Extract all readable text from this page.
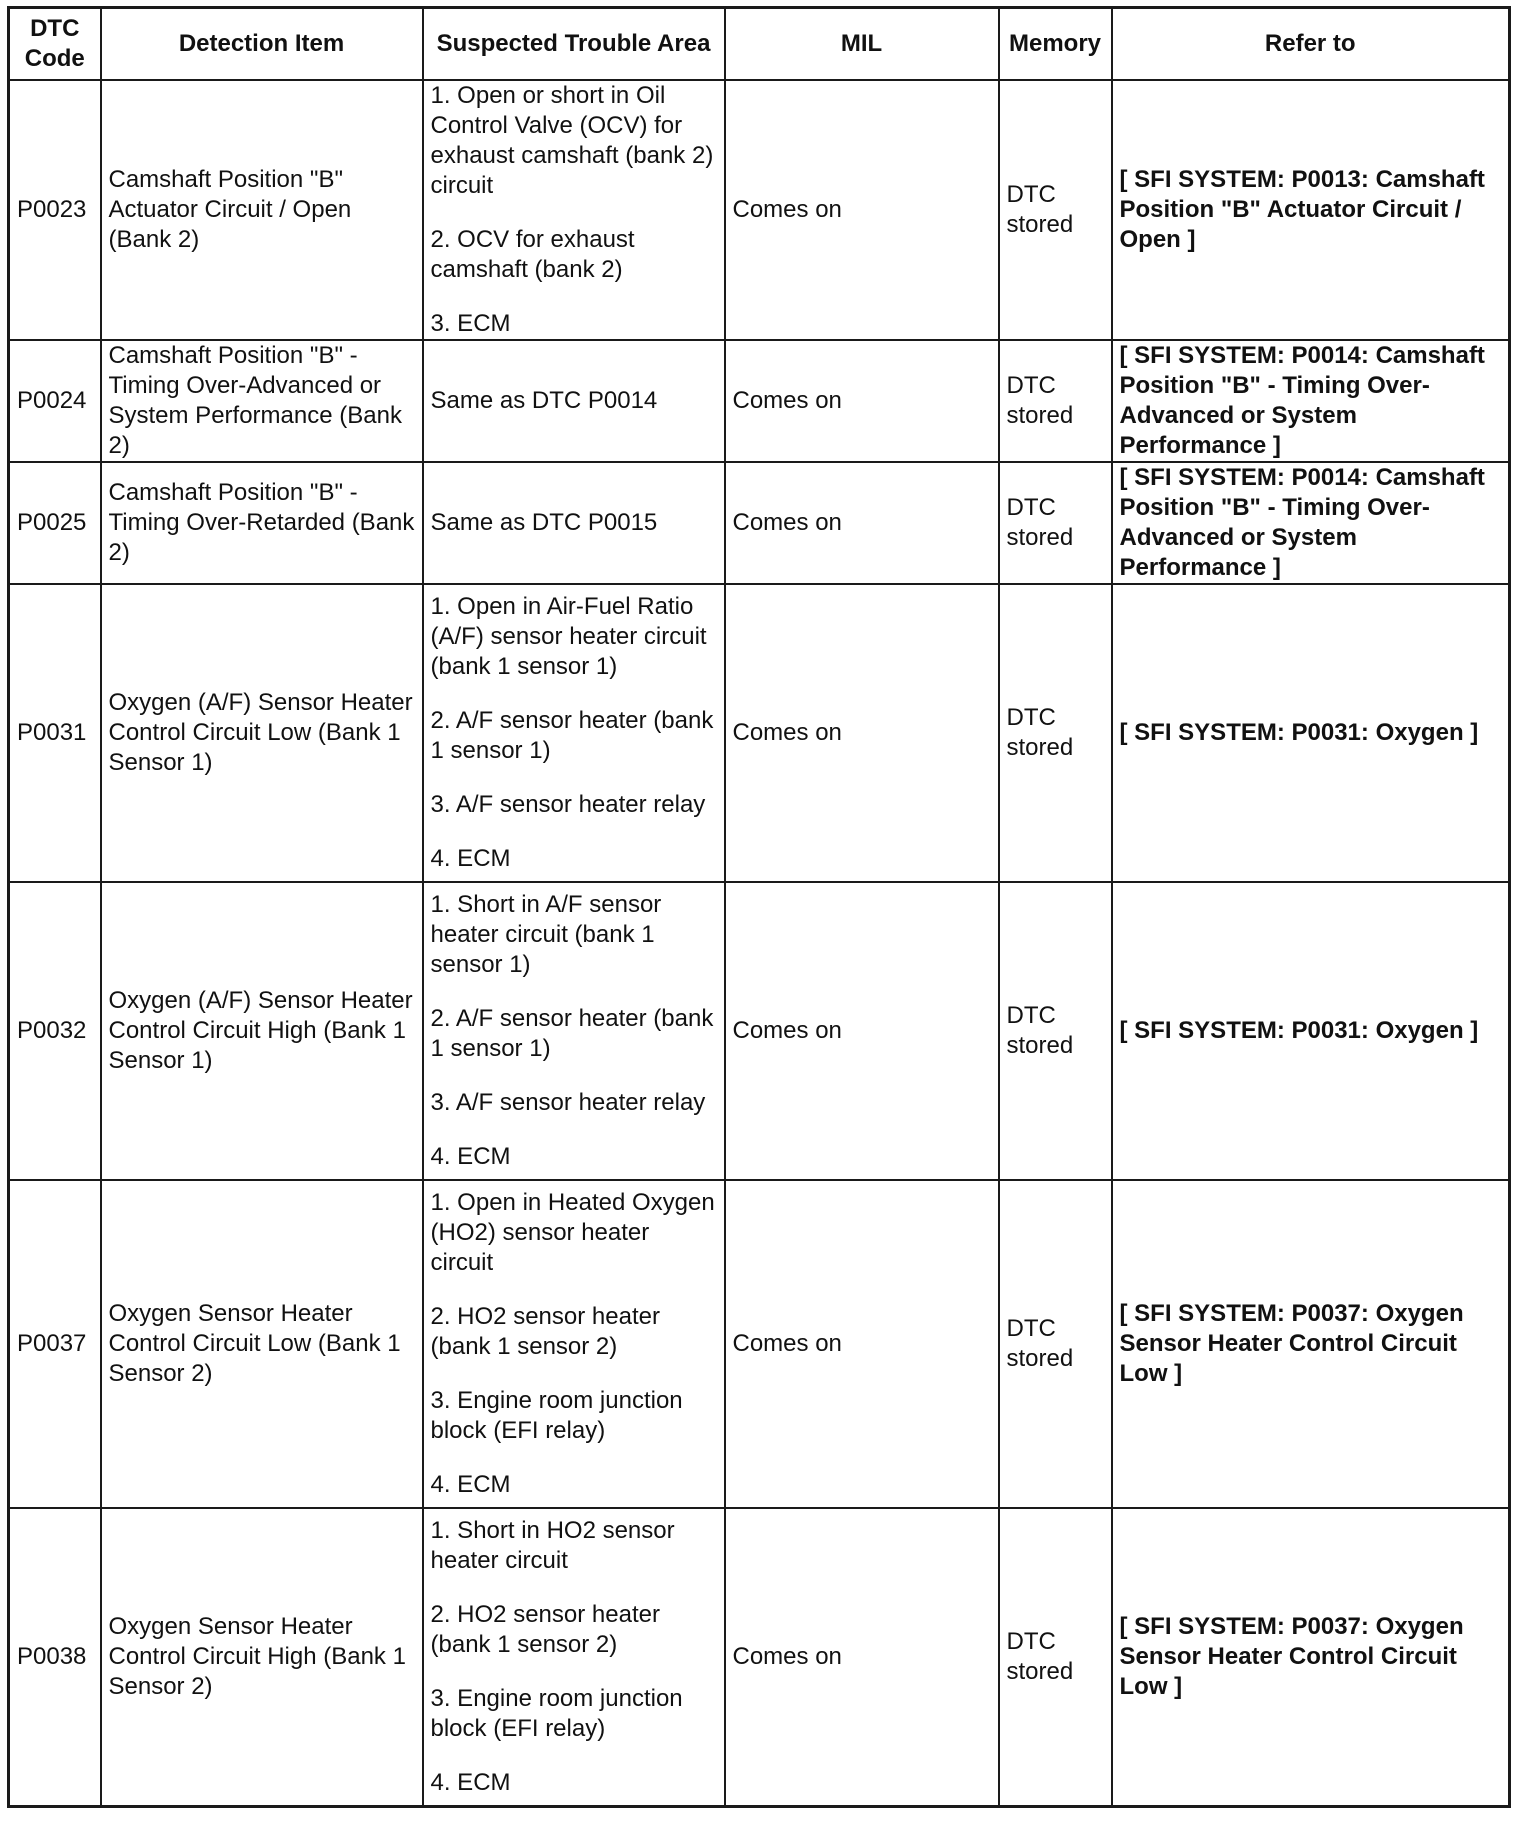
DTC Code	Detection Item	Suspected Trouble Area	MIL	Memory	Refer to
P0023	Camshaft Position "B" Actuator Circuit / Open (Bank 2)	1. Open or short in Oil Control Valve (OCV) for exhaust camshaft (bank 2) circuit
2. OCV for exhaust camshaft (bank 2)
3. ECM	Comes on	DTC stored	[ SFI SYSTEM: P0013: Camshaft Position "B" Actuator Circuit / Open ]
P0024	Camshaft Position "B" - Timing Over-Advanced or System Performance (Bank 2)	Same as DTC P0014	Comes on	DTC stored	[ SFI SYSTEM: P0014: Camshaft Position "B" - Timing Over-Advanced or System Performance ]
P0025	Camshaft Position "B" - Timing Over-Retarded (Bank 2)	Same as DTC P0015	Comes on	DTC stored	[ SFI SYSTEM: P0014: Camshaft Position "B" - Timing Over-Advanced or System Performance ]
P0031	Oxygen (A/F) Sensor Heater Control Circuit Low (Bank 1 Sensor 1)	1. Open in Air-Fuel Ratio (A/F) sensor heater circuit (bank 1 sensor 1)
2. A/F sensor heater (bank 1 sensor 1)
3. A/F sensor heater relay
4. ECM	Comes on	DTC stored	[ SFI SYSTEM: P0031: Oxygen ]
P0032	Oxygen (A/F) Sensor Heater Control Circuit High (Bank 1 Sensor 1)	1. Short in A/F sensor heater circuit (bank 1 sensor 1)
2. A/F sensor heater (bank 1 sensor 1)
3. A/F sensor heater relay
4. ECM	Comes on	DTC stored	[ SFI SYSTEM: P0031: Oxygen ]
P0037	Oxygen Sensor Heater Control Circuit Low (Bank 1 Sensor 2)	1. Open in Heated Oxygen (HO2) sensor heater circuit
2. HO2 sensor heater (bank 1 sensor 2)
3. Engine room junction block (EFI relay)
4. ECM	Comes on	DTC stored	[ SFI SYSTEM: P0037: Oxygen Sensor Heater Control Circuit Low ]
P0038	Oxygen Sensor Heater Control Circuit High (Bank 1 Sensor 2)	1. Short in HO2 sensor heater circuit
2. HO2 sensor heater (bank 1 sensor 2)
3. Engine room junction block (EFI relay)
4. ECM	Comes on	DTC stored	[ SFI SYSTEM: P0037: Oxygen Sensor Heater Control Circuit Low ]
